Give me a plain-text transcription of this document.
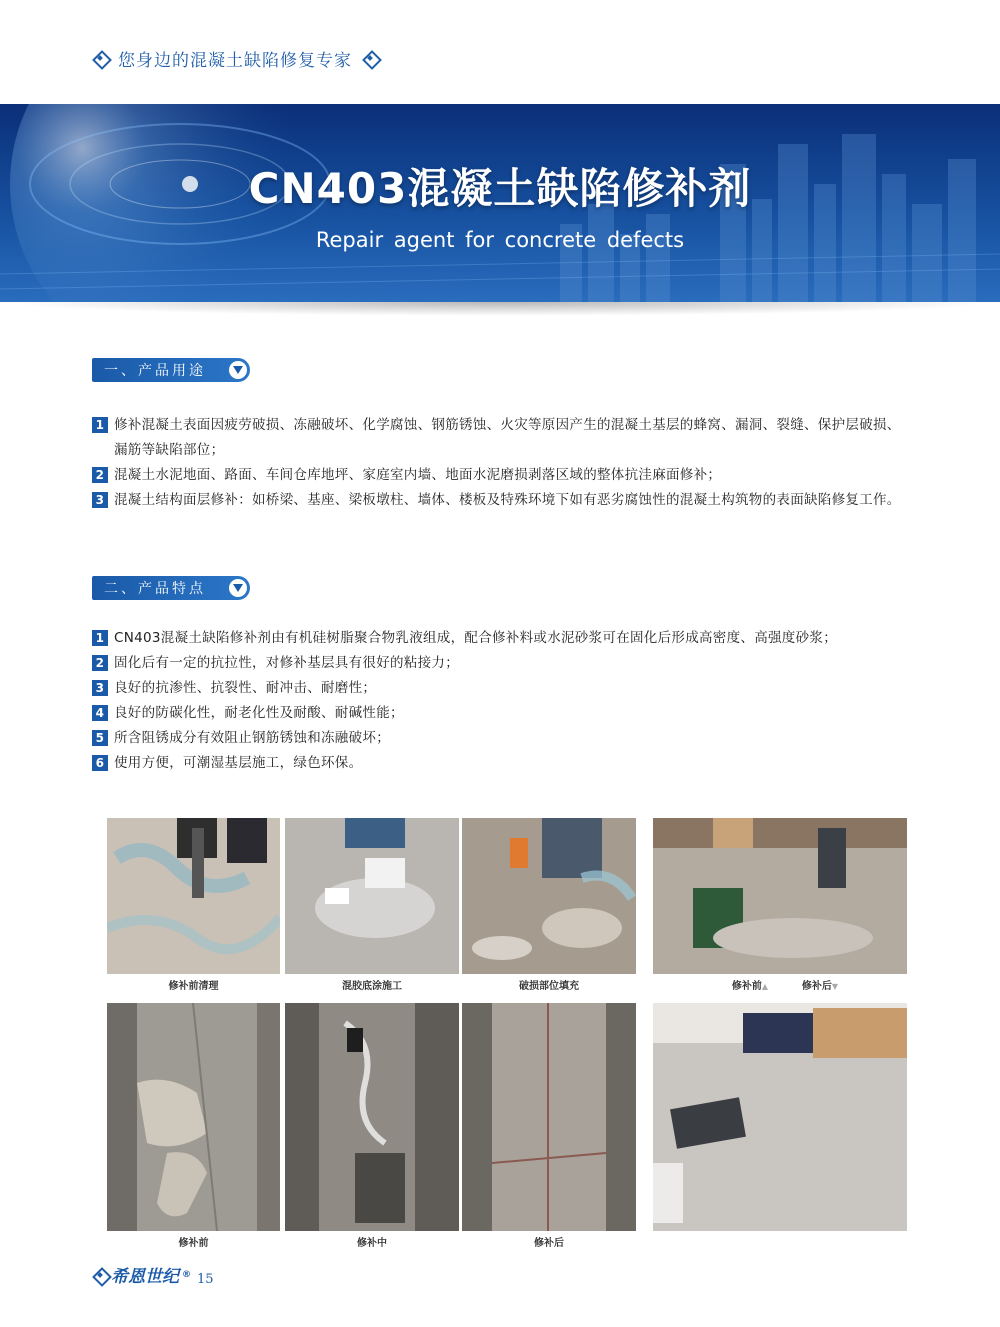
您身边的混凝土缺陷修复专家
CN403混凝土缺陷修补剂
Repair agent for concrete defects
一、产品用途
1 修补混凝土表面因疲劳破损、冻融破坏、化学腐蚀、钢筋锈蚀、火灾等原因产生的混凝土基层的蜂窝、漏洞、裂缝、保护层破损、漏筋等缺陷部位；
2 混凝土水泥地面、路面、车间仓库地坪、家庭室内墙、地面水泥磨损剥落区域的整体抗洼麻面修补；
3 混凝土结构面层修补：如桥梁、基座、梁板墩柱、墙体、楼板及特殊环境下如有恶劣腐蚀性的混凝土构筑物的表面缺陷修复工作。
二、产品特点
1 CN403混凝土缺陷修补剂由有机硅树脂聚合物乳液组成，配合修补料或水泥砂浆可在固化后形成高密度、高强度砂浆；
2 固化后有一定的抗拉性，对修补基层具有很好的粘接力；
3 良好的抗渗性、抗裂性、耐冲击、耐磨性；
4 良好的防碳化性，耐老化性及耐酸、耐碱性能；
5 所含阻锈成分有效阻止钢筋锈蚀和冻融破坏；
6 使用方便，可潮湿基层施工，绿色环保。
修补前清理	混胶底涂施工	破损部位填充	修补前▲	修补后▼
修补前	修补中	修补后
希恩世纪 ® 15
